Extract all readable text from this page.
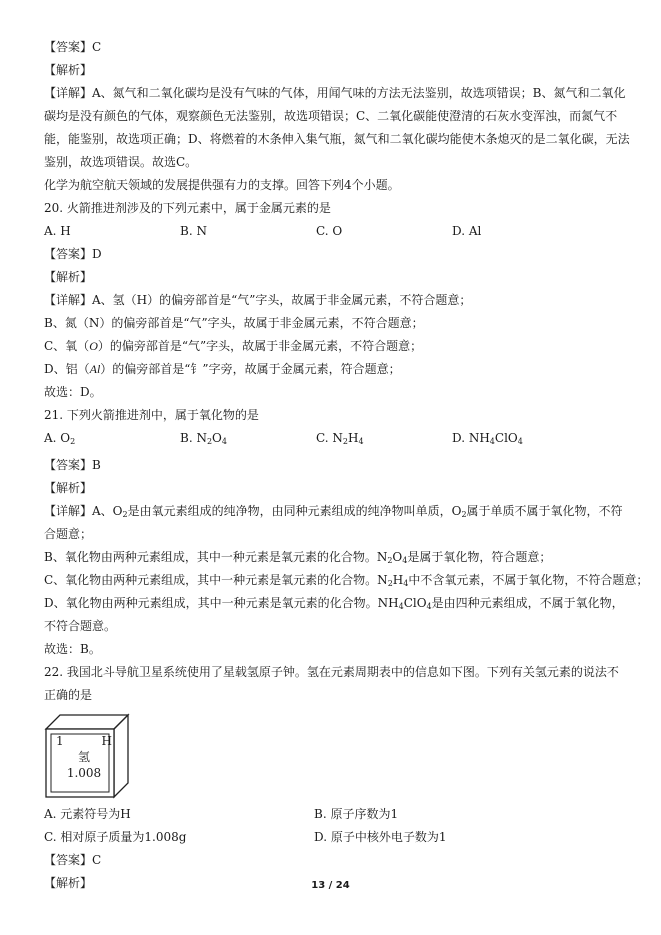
【答案】C
【解析】
【详解】A、氮气和二氧化碳均是没有气味的气体，用闻气味的方法无法鉴别，故选项错误；B、氮气和二氧化碳均是没有颜色的气体，观察颜色无法鉴别，故选项错误；C、二氧化碳能使澄清的石灰水变浑浊，而氮气不能，能鉴别，故选项正确；D、将燃着的木条伸入集气瓶，氮气和二氧化碳均能使木条熄灭的是二氧化碳，无法鉴别，故选项错误。故选C。
化学为航空航天领域的发展提供强有力的支撑。回答下列4个小题。
20. 火箭推进剂涉及的下列元素中，属于金属元素的是
A. H	B. N	C. O	D. Al
【答案】D
【解析】
【详解】A、氢（H）的偏旁部首是“气”字头，故属于非金属元素，不符合题意；
B、氮（N）的偏旁部首是“气”字头，故属于非金属元素，不符合题意；
C、氧（O）的偏旁部首是“气”字头，故属于非金属元素，不符合题意；
D、铝（Al）的偏旁部首是“钅”字旁，故属于金属元素，符合题意；
故选：D。
21. 下列火箭推进剂中，属于氧化物的是
A. $O_2$	B. $N_2O_4$	C. $N_2H_4$	D. $NH_4ClO_4$
【答案】B
【解析】
【详解】A、$O_2$是由氧元素组成的纯净物，由同种元素组成的纯净物叫单质，$O_2$属于单质不属于氧化物，不符合题意；
B、氧化物由两种元素组成，其中一种元素是氧元素的化合物。$N_2O_4$是属于氧化物，符合题意；
C、氧化物由两种元素组成，其中一种元素是氧元素的化合物。$N_2H_4$中不含氧元素，不属于氧化物，不符合题意；
D、氧化物由两种元素组成，其中一种元素是氧元素的化合物。$NH_4ClO_4$是由四种元素组成，不属于氧化物，不符合题意。
故选：B。
22. 我国北斗导航卫星系统使用了星载氢原子钟。氢在元素周期表中的信息如下图。下列有关氢元素的说法不正确的是
1	H
氢
1.008
A. 元素符号为H	B. 原子序数为1
C. 相对原子质量为1.008g	D. 原子中核外电子数为1
【答案】C
【解析】	13 / 24
